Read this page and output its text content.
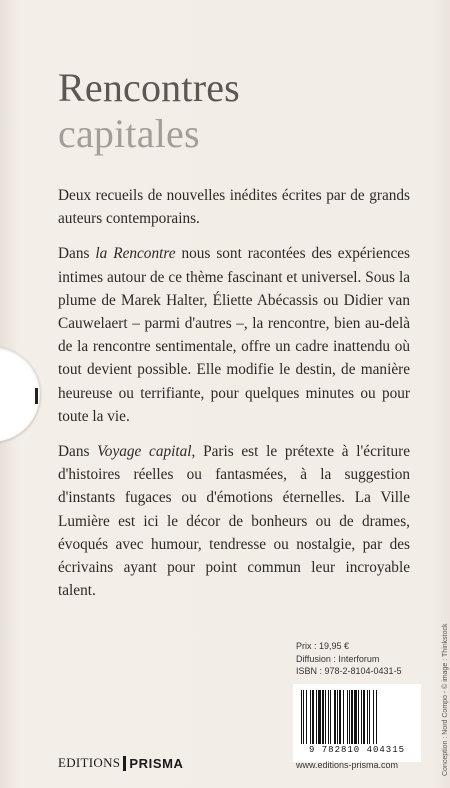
Rencontres
capitales

Deux recueils de nouvelles inédites écrites par de grands auteurs contemporains.

Dans la Rencontre nous sont racontées des expériences intimes autour de ce thème fascinant et universel. Sous la plume de Marek Halter, Éliette Abécassis ou Didier van Cauwelaert – parmi d'autres –, la rencontre, bien au-delà de la rencontre sentimentale, offre un cadre inattendu où tout devient possible. Elle modifie le destin, de manière heureuse ou terrifiante, pour quelques minutes ou pour toute la vie.

Dans Voyage capital, Paris est le prétexte à l'écriture d'histoires réelles ou fantasmées, à la suggestion d'instants fugaces ou d'émotions éternelles. La Ville Lumière est ici le décor de bonheurs ou de drames, évoqués avec humour, tendresse ou nostalgie, par des écrivains ayant pour point commun leur incroyable talent.

Prix : 19,95 €
Diffusion : Interforum
ISBN : 978-2-8104-0431-5
9 782810 404315
EDITIONS PRISMA	www.editions-prisma.com	Conception : Nord Compo - © image : Thinkstock
